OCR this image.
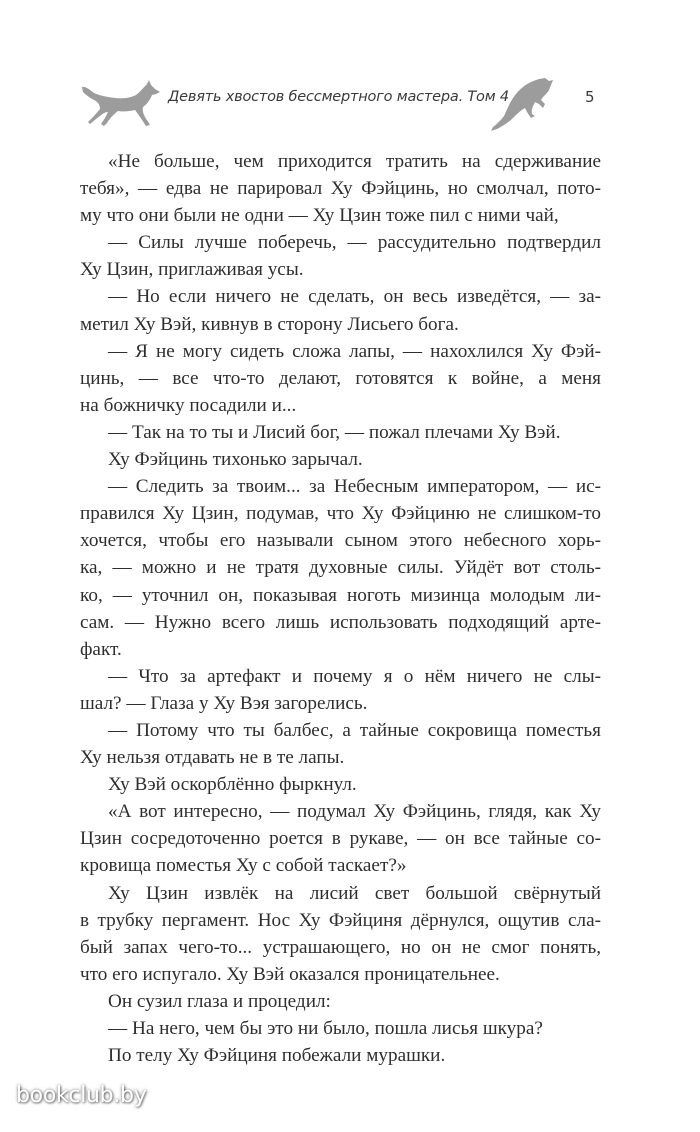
Девять хвостов бессмертного мастера. Том 4	5
«Не больше, чем приходится тратить на сдерживание
тебя», — едва не парировал Ху Фэйцинь, но смолчал, пото-
му что они были не одни — Ху Цзин тоже пил с ними чай,
— Силы лучше поберечь, — рассудительно подтвердил
Ху Цзин, приглаживая усы.
— Но если ничего не сделать, он весь изведётся, — за-
метил Ху Вэй, кивнув в сторону Лисьего бога.
— Я не могу сидеть сложа лапы, — нахохлился Ху Фэй-
цинь, — все что-то делают, готовятся к войне, а меня
на божничку посадили и...
— Так на то ты и Лисий бог, — пожал плечами Ху Вэй.
Ху Фэйцинь тихонько зарычал.
— Следить за твоим... за Небесным императором, — ис-
правился Ху Цзин, подумав, что Ху Фэйциню не слишком-то
хочется, чтобы его называли сыном этого небесного хорь-
ка, — можно и не тратя духовные силы. Уйдёт вот столь-
ко, — уточнил он, показывая ноготь мизинца молодым ли-
сам. — Нужно всего лишь использовать подходящий арте-
факт.
— Что за артефакт и почему я о нём ничего не слы-
шал? — Глаза у Ху Вэя загорелись.
— Потому что ты балбес, а тайные сокровища поместья
Ху нельзя отдавать не в те лапы.
Ху Вэй оскорблённо фыркнул.
«А вот интересно, — подумал Ху Фэйцинь, глядя, как Ху
Цзин сосредоточенно роется в рукаве, — он все тайные со-
кровища поместья Ху с собой таскает?»
Ху Цзин извлёк на лисий свет большой свёрнутый
в трубку пергамент. Нос Ху Фэйциня дёрнулся, ощутив сла-
бый запах чего-то... устрашающего, но он не смог понять,
что его испугало. Ху Вэй оказался проницательнее.
Он сузил глаза и процедил:
— На него, чем бы это ни было, пошла лисья шкура?
По телу Ху Фэйциня побежали мурашки.
bookclub.by
